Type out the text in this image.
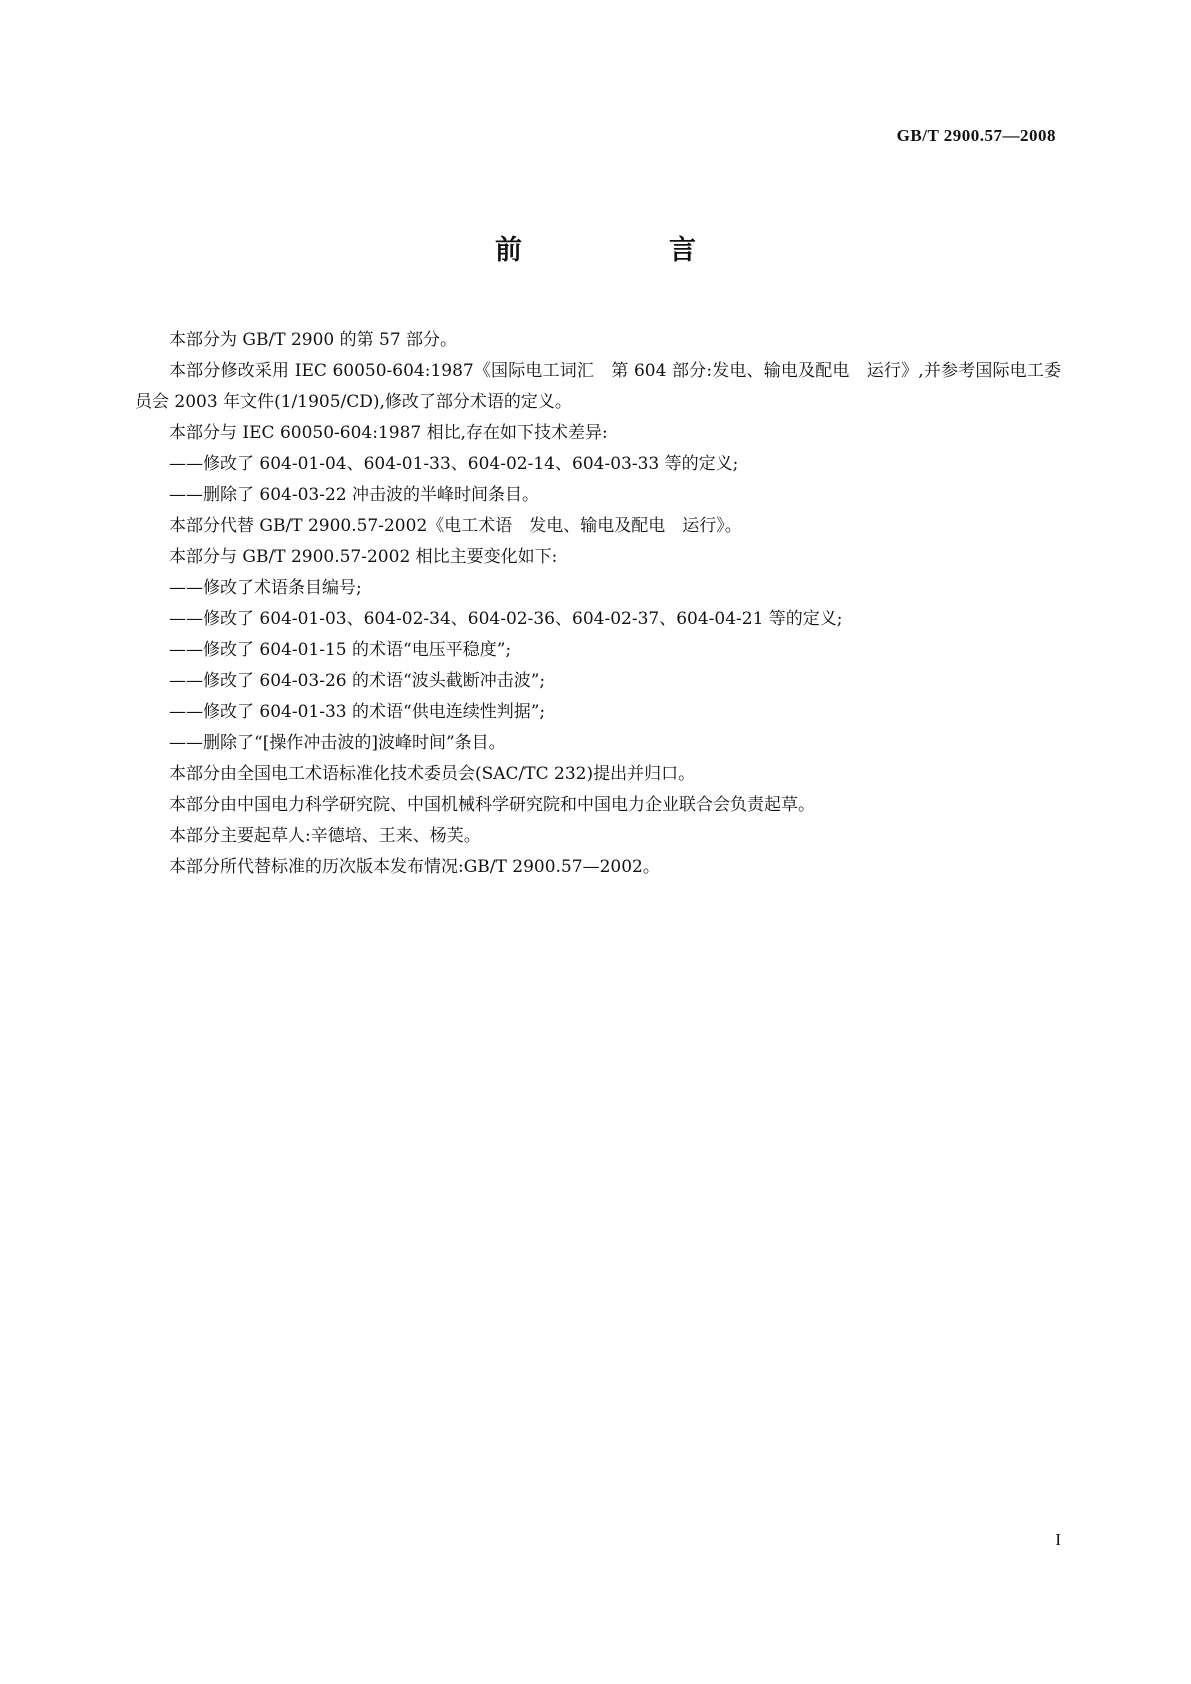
GB/T 2900.57—2008
前　言

本部分为 GB/T 2900 的第 57 部分。

本部分修改采用 IEC 60050-604:1987《国际电工词汇　第 604 部分:发电、输电及配电　运行》,并参考国际电工委员会 2003 年文件(1/1905/CD),修改了部分术语的定义。

本部分与 IEC 60050-604:1987 相比,存在如下技术差异:

——修改了 604-01-04、604-01-33、604-02-14、604-03-33 等的定义;

——删除了 604-03-22 冲击波的半峰时间条目。

本部分代替 GB/T 2900.57-2002《电工术语　发电、输电及配电　运行》。

本部分与 GB/T 2900.57-2002 相比主要变化如下:

——修改了术语条目编号;

——修改了 604-01-03、604-02-34、604-02-36、604-02-37、604-04-21 等的定义;

——修改了 604-01-15 的术语“电压平稳度”;

——修改了 604-03-26 的术语“波头截断冲击波”;

——修改了 604-01-33 的术语“供电连续性判据”;

——删除了“[操作冲击波的]波峰时间”条目。

本部分由全国电工术语标准化技术委员会(SAC/TC 232)提出并归口。

本部分由中国电力科学研究院、中国机械科学研究院和中国电力企业联合会负责起草。

本部分主要起草人:辛德培、王来、杨芙。

本部分所代替标准的历次版本发布情况:GB/T 2900.57—2002。

I
